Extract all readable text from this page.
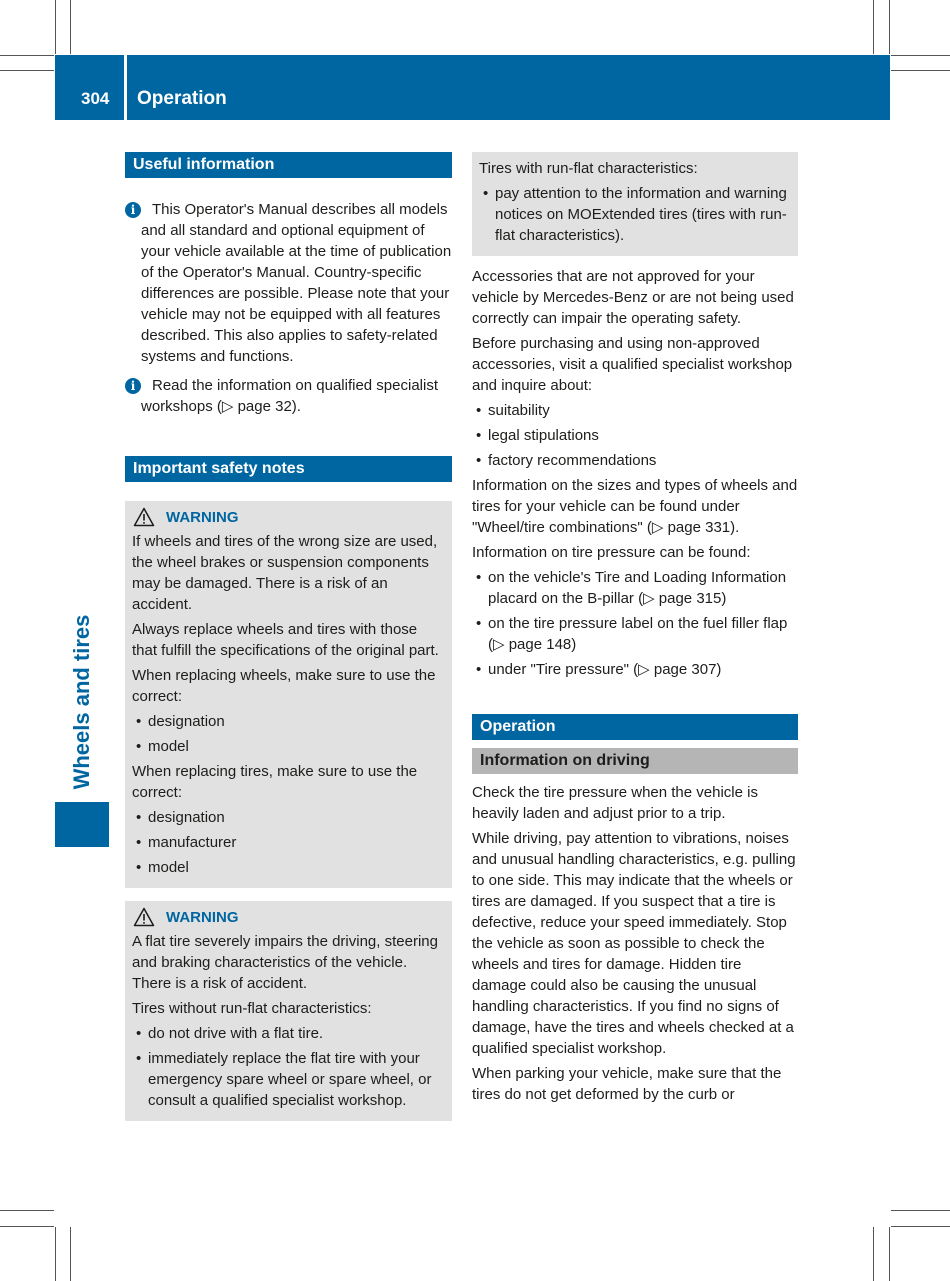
304	Operation
Wheels and tires
Useful information
i	This Operator's Manual describes all models and all standard and optional equipment of your vehicle available at the time of publication of the Operator's Manual. Country-specific differences are possible. Please note that your vehicle may not be equipped with all features described. This also applies to safety-related systems and functions.
i	Read the information on qualified specialist workshops (▷ page 32).
Important safety notes
WARNING

If wheels and tires of the wrong size are used, the wheel brakes or suspension components may be damaged. There is a risk of an accident.

Always replace wheels and tires with those that fulfill the specifications of the original part.

When replacing wheels, make sure to use the correct:

• designation
• model

When replacing tires, make sure to use the correct:

• designation
• manufacturer
• model
WARNING

A flat tire severely impairs the driving, steering and braking characteristics of the vehicle. There is a risk of accident.

Tires without run-flat characteristics:

• do not drive with a flat tire.
• immediately replace the flat tire with your emergency spare wheel or spare wheel, or consult a qualified specialist workshop.

Tires with run-flat characteristics:

• pay attention to the information and warning notices on MOExtended tires (tires with run-flat characteristics).

Accessories that are not approved for your vehicle by Mercedes-Benz or are not being used correctly can impair the operating safety.

Before purchasing and using non-approved accessories, visit a qualified specialist workshop and inquire about:

• suitability
• legal stipulations
• factory recommendations

Information on the sizes and types of wheels and tires for your vehicle can be found under "Wheel/tire combinations" (▷ page 331).

Information on tire pressure can be found:

• on the vehicle's Tire and Loading Information placard on the B-pillar (▷ page 315)
• on the tire pressure label on the fuel filler flap (▷ page 148)
• under "Tire pressure" (▷ page 307)
Operation
Information on driving

Check the tire pressure when the vehicle is heavily laden and adjust prior to a trip.

While driving, pay attention to vibrations, noises and unusual handling characteristics, e.g. pulling to one side. This may indicate that the wheels or tires are damaged. If you suspect that a tire is defective, reduce your speed immediately. Stop the vehicle as soon as possible to check the wheels and tires for damage. Hidden tire damage could also be causing the unusual handling characteristics. If you find no signs of damage, have the tires and wheels checked at a qualified specialist workshop.

When parking your vehicle, make sure that the tires do not get deformed by the curb or
